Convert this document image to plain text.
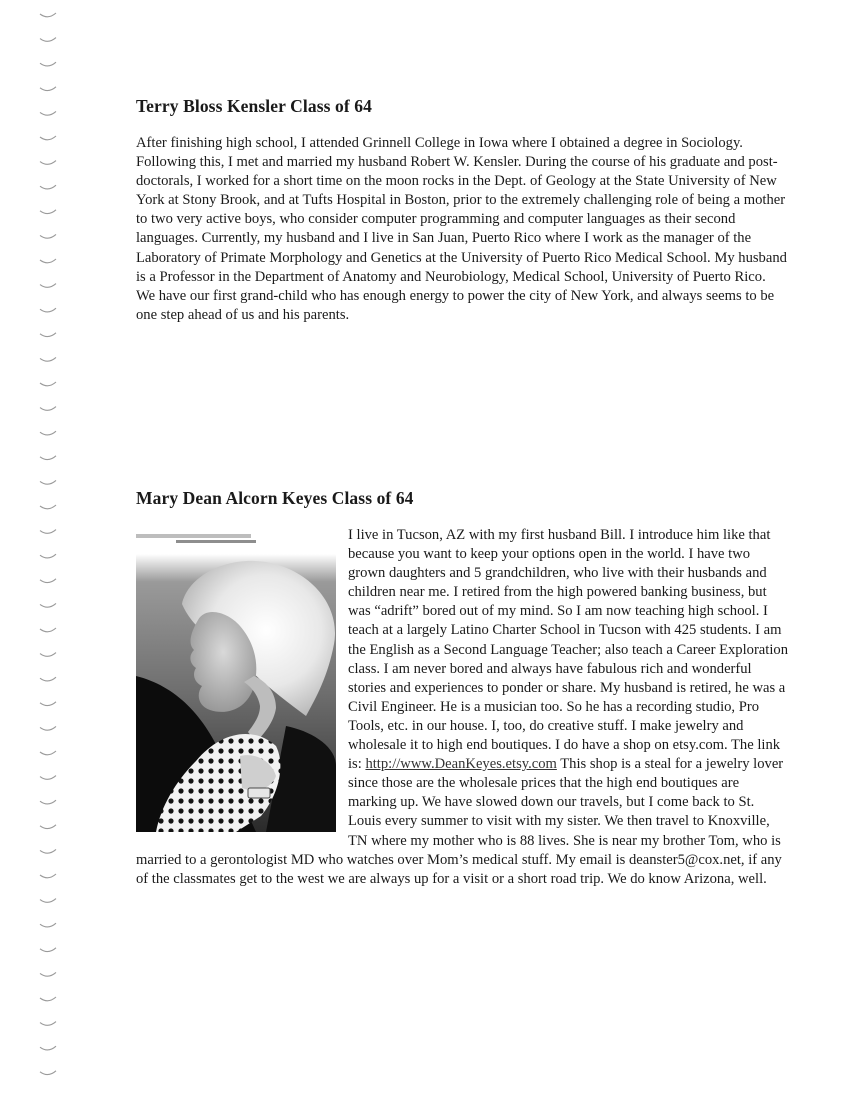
Terry Bloss Kensler Class of 64

After finishing high school, I attended Grinnell College in Iowa where I obtained a degree in Sociology. Following this, I met and married my husband Robert W. Kensler. During the course of his graduate and post-doctorals, I worked for a short time on the moon rocks in the Dept. of Geology at the State University of New York at Stony Brook, and at Tufts Hospital in Boston, prior to the extremely challenging role of being a mother to two very active boys, who consider computer programming and computer languages as their second languages. Currently, my husband and I live in San Juan, Puerto Rico where I work as the manager of the Laboratory of Primate Morphology and Genetics at the University of Puerto Rico Medical School. My husband is a Professor in the Department of Anatomy and Neurobiology, Medical School, University of Puerto Rico. We have our first grand-child who has enough energy to power the city of New York, and always seems to be one step ahead of us and his parents.

Mary Dean Alcorn Keyes Class of 64

I live in Tucson, AZ with my first husband Bill. I introduce him like that because you want to keep your options open in the world. I have two grown daughters and 5 grandchildren, who live with their husbands and children near me. I retired from the high powered banking business, but was “adrift” bored out of my mind. So I am now teaching high school. I teach at a largely Latino Charter School in Tucson with 425 students. I am the English as a Second Language Teacher; also teach a Career Exploration class. I am never bored and always have fabulous rich and wonderful stories and experiences to ponder or share. My husband is retired, he was a Civil Engineer. He is a musician too. So he has a recording studio, Pro Tools, etc. in our house. I, too, do creative stuff. I make jewelry and wholesale it to high end boutiques. I do have a shop on etsy.com. The link is: http://www.DeanKeyes.etsy.com This shop is a steal for a jewelry lover since those are the wholesale prices that the high end boutiques are marking up. We have slowed down our travels, but I come back to St. Louis every summer to visit with my sister. We then travel to Knoxville, TN where my mother who is 88 lives. She is near my brother Tom, who is married to a gerontologist MD who watches over Mom’s medical stuff. My email is deanster5@cox.net, if any of the classmates get to the west we are always up for a visit or a short road trip. We do know Arizona, well.
